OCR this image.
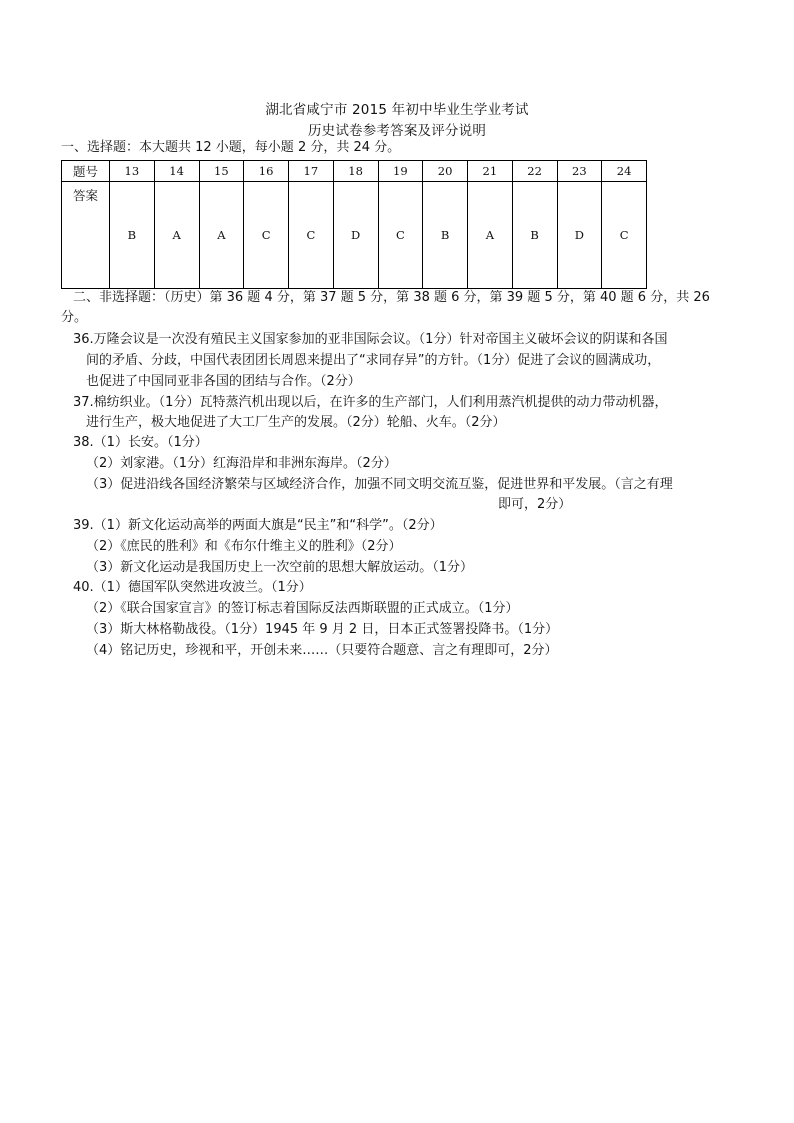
湖北省咸宁市 2015 年初中毕业生学业考试
历史试卷参考答案及评分说明
一、选择题：本大题共 12 小题，每小题 2 分，共 24 分。
题号	13	14	15	16	17	18	19	20	21	22	23	24
答案	B	A	A	C	C	D	C	B	A	B	D	C
二、非选择题：（历史）第 36 题 4 分，第 37 题 5 分，第 38 题 6 分，第 39 题 5 分，第 40 题 6 分，共 26
分。
36.万隆会议是一次没有殖民主义国家参加的亚非国际会议。（1分）针对帝国主义破坏会议的阴谋和各国
间的矛盾、分歧，中国代表团团长周恩来提出了“求同存异”的方针。（1分）促进了会议的圆满成功，
也促进了中国同亚非各国的团结与合作。（2分）
37.棉纺织业。（1分）瓦特蒸汽机出现以后，在许多的生产部门，人们利用蒸汽机提供的动力带动机器，
进行生产，极大地促进了大工厂生产的发展。（2分）轮船、火车。（2分）
38.（1）长安。（1分）
（2）刘家港。（1分）红海沿岸和非洲东海岸。（2分）
（3）促进沿线各国经济繁荣与区域经济合作，加强不同文明交流互鉴，促进世界和平发展。（言之有理
即可，2分）
39.（1）新文化运动高举的两面大旗是“民主”和“科学”。（2分）
（2）《庶民的胜利》和《布尔什维主义的胜利》（2分）
（3）新文化运动是我国历史上一次空前的思想大解放运动。（1分）
40.（1）德国军队突然进攻波兰。（1分）
（2）《联合国家宣言》的签订标志着国际反法西斯联盟的正式成立。（1分）
（3）斯大林格勒战役。（1分）1945 年 9 月 2 日，日本正式签署投降书。（1分）
（4）铭记历史，珍视和平，开创未来……（只要符合题意、言之有理即可，2分）
